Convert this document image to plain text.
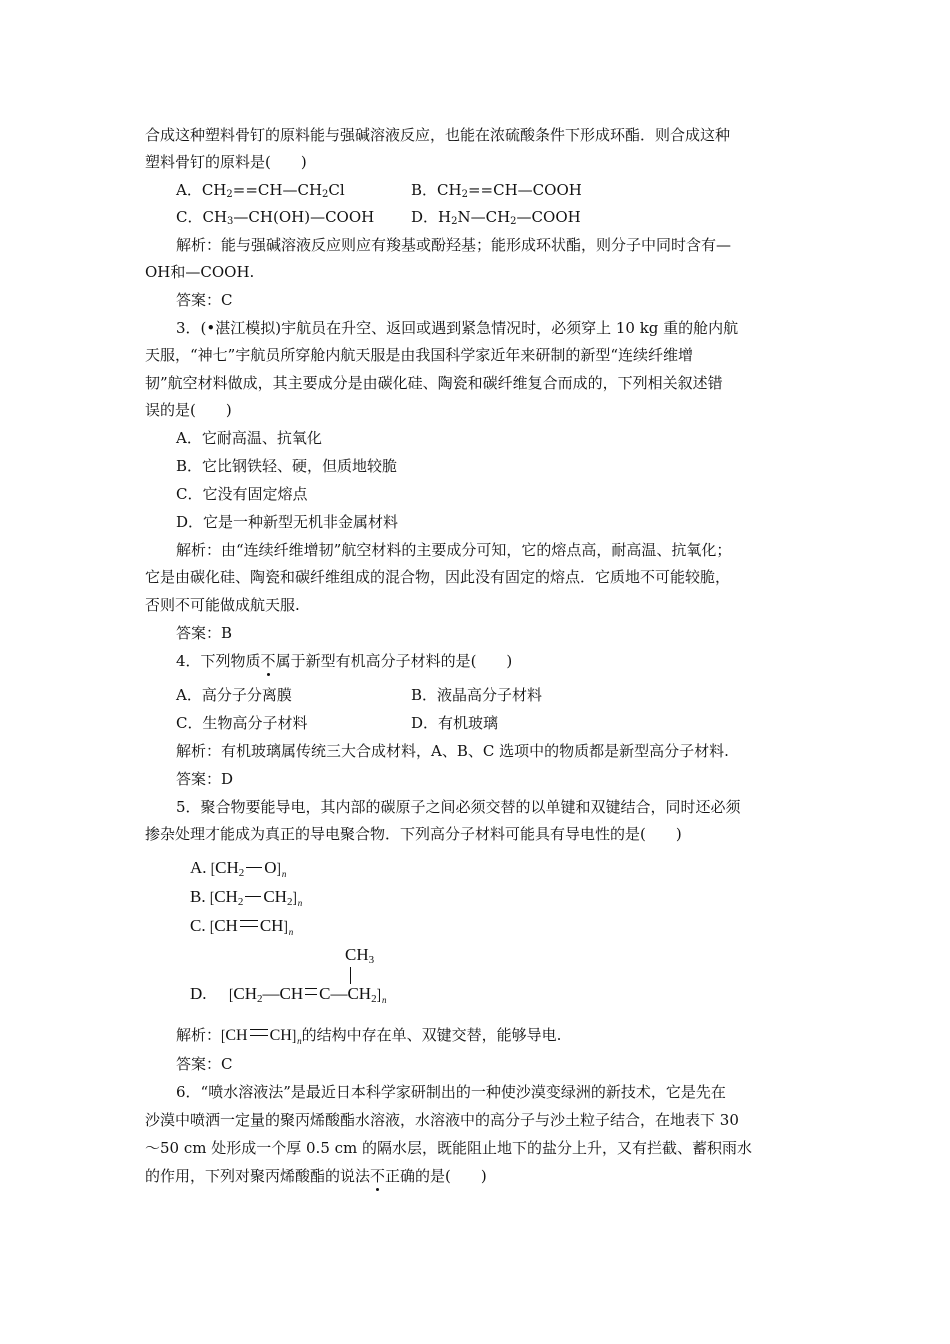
合成这种塑料骨钉的原料能与强碱溶液反应，也能在浓硫酸条件下形成环酯．则合成这种
塑料骨钉的原料是(　　)
A．$CH_2==CH—CH_2Cl$	B．$CH_2==CH—COOH$
C．$CH_3—CH(OH)—COOH$ D．$H_2N—CH_2—COOH$
解析：能与强碱溶液反应则应有羧基或酚羟基；能形成环状酯，则分子中同时含有—
OH和—COOH.
答案：C
3．(•湛江模拟)宇航员在升空、返回或遇到紧急情况时，必须穿上 10 kg 重的舱内航
天服，“神七”宇航员所穿舱内航天服是由我国科学家近年来研制的新型“连续纤维增
韧”航空材料做成，其主要成分是由碳化硅、陶瓷和碳纤维复合而成的，下列相关叙述错
误的是(　　)
A．它耐高温、抗氧化
B．它比钢铁轻、硬，但质地较脆
C．它没有固定熔点
D．它是一种新型无机非金属材料
解析：由“连续纤维增韧”航空材料的主要成分可知，它的熔点高，耐高温、抗氧化；
它是由碳化硅、陶瓷和碳纤维组成的混合物，因此没有固定的熔点．它质地不可能较脆，
否则不可能做成航天服.
答案：B
4．下列物质不属于新型有机高分子材料的是(　　)
A．高分子分离膜	B．液晶高分子材料
C．生物高分子材料	D．有机玻璃
解析：有机玻璃属传统三大合成材料，A、B、C 选项中的物质都是新型高分子材料.
答案：D
5．聚合物要能导电，其内部的碳原子之间必须交替的以单键和双键结合，同时还必须
掺杂处理才能成为真正的导电聚合物．下列高分子材料可能具有导电性的是(　　)
A. [$CH_2$ $O]_n$
B. [$CH_2$ $CH_2]_n$
C. [CH $CH]_n$
$CH_3$
D. [$CH_2—CH$ $C—CH_2]_n$
解析：[CH $CH]_n$的结构中存在单、双键交替，能够导电.
答案：C
6．“喷水溶液法”是最近日本科学家研制出的一种使沙漠变绿洲的新技术，它是先在
沙漠中喷洒一定量的聚丙烯酸酯水溶液，水溶液中的高分子与沙土粒子结合，在地表下 30
～50 cm 处形成一个厚 0.5 cm 的隔水层，既能阻止地下的盐分上升，又有拦截、蓄积雨水
的作用，下列对聚丙烯酸酯的说法不正确的是(　　)
